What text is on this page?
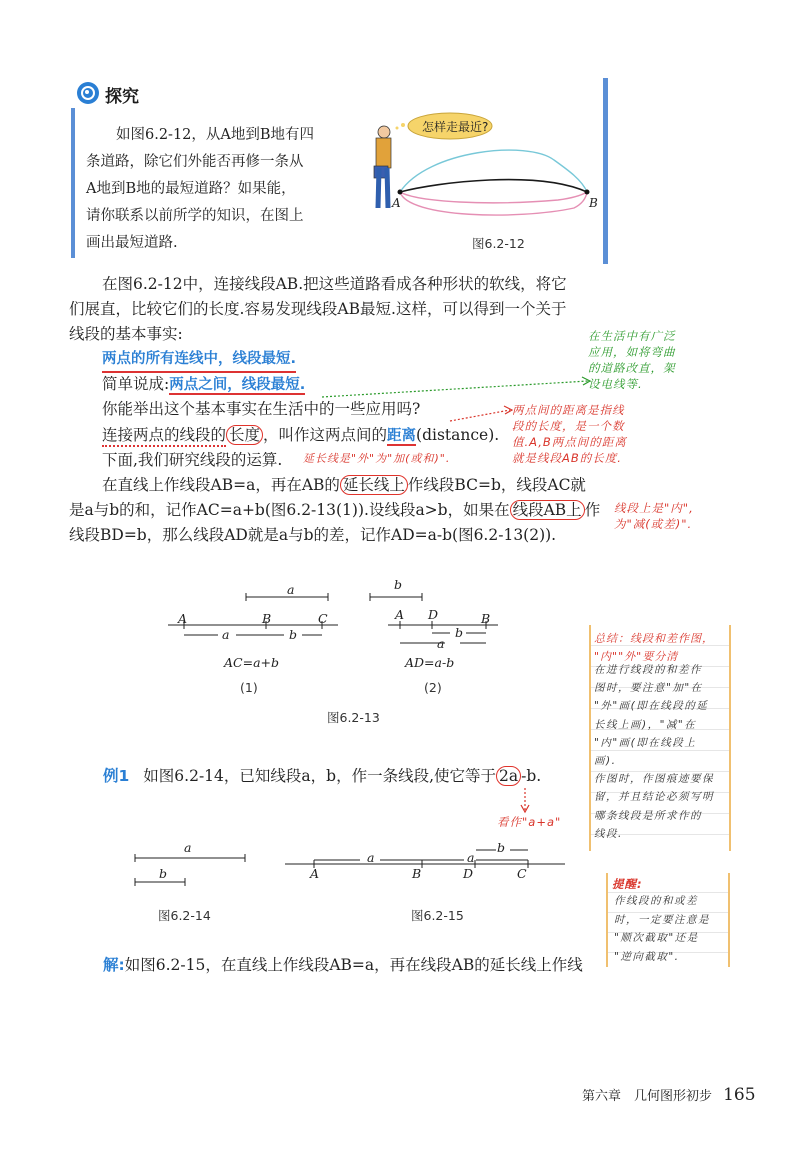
探究
如图6.2-12，从A地到B地有四
条道路，除它们外能否再修一条从
A地到B地的最短道路？如果能，
请你联系以前所学的知识，在图上
画出最短道路.
怎样走最近?
A	B
图6.2-12
在图6.2-12中，连接线段AB.把这些道路看成各种形状的软线，将它
们展直，比较它们的长度.容易发现线段AB最短.这样，可以得到一个关于
线段的基本事实:
两点的所有连线中，线段最短.
简单说成:两点之间，线段最短.
你能举出这个基本事实在生活中的一些应用吗?
连接两点的线段的 长度 ，叫作这两点间的距离(distance).
下面,我们研究线段的运算. 延长线是"外"为"加(或和)".
在直线上作线段AB=a，再在AB的 延长线上 作线段BC=b，线段AC就
是a与b的和，记作AC=a+b(图6.2-13(1)).设线段a>b，如果在 线段AB上 作
线段BD=b，那么线段AD就是a与b的差，记作AD=a-b(图6.2-13(2)).
在生活中有广泛
应用，如将弯曲
的道路改直，架
设电线等.
两点间的距离是指线
段的长度，是一个数
值.A,B两点间的距离
就是线段AB的长度.
线段上是"内",
为"减(或差)".
a	b
A	B	C
a	b
A D	B
b
a
AC=a+b	AD=a-b
(1)	(2)
图6.2-13
总结：线段和差作图，
"内""外"要分清
在进行线段的和差作
图时，要注意"加"在
"外"画(即在线段的延
长线上画)，"减"在
"内"画(即在线段上
画).
作图时，作图痕迹要保
留，并且结论必须写明
哪条线段是所求作的
线段.
例1 如图6.2-14，已知线段a，b，作一条线段,使它等于 2a -b.
看作"a+a"
提醒:
作线段的和或差
时，一定要注意是
"顺次截取"还是
"逆向截取".
a
b
图6.2-14
a	a
b
A	B	D	C
图6.2-15
解:如图6.2-15，在直线上作线段AB=a，再在线段AB的延长线上作线
第六章　几何图形初步 165
